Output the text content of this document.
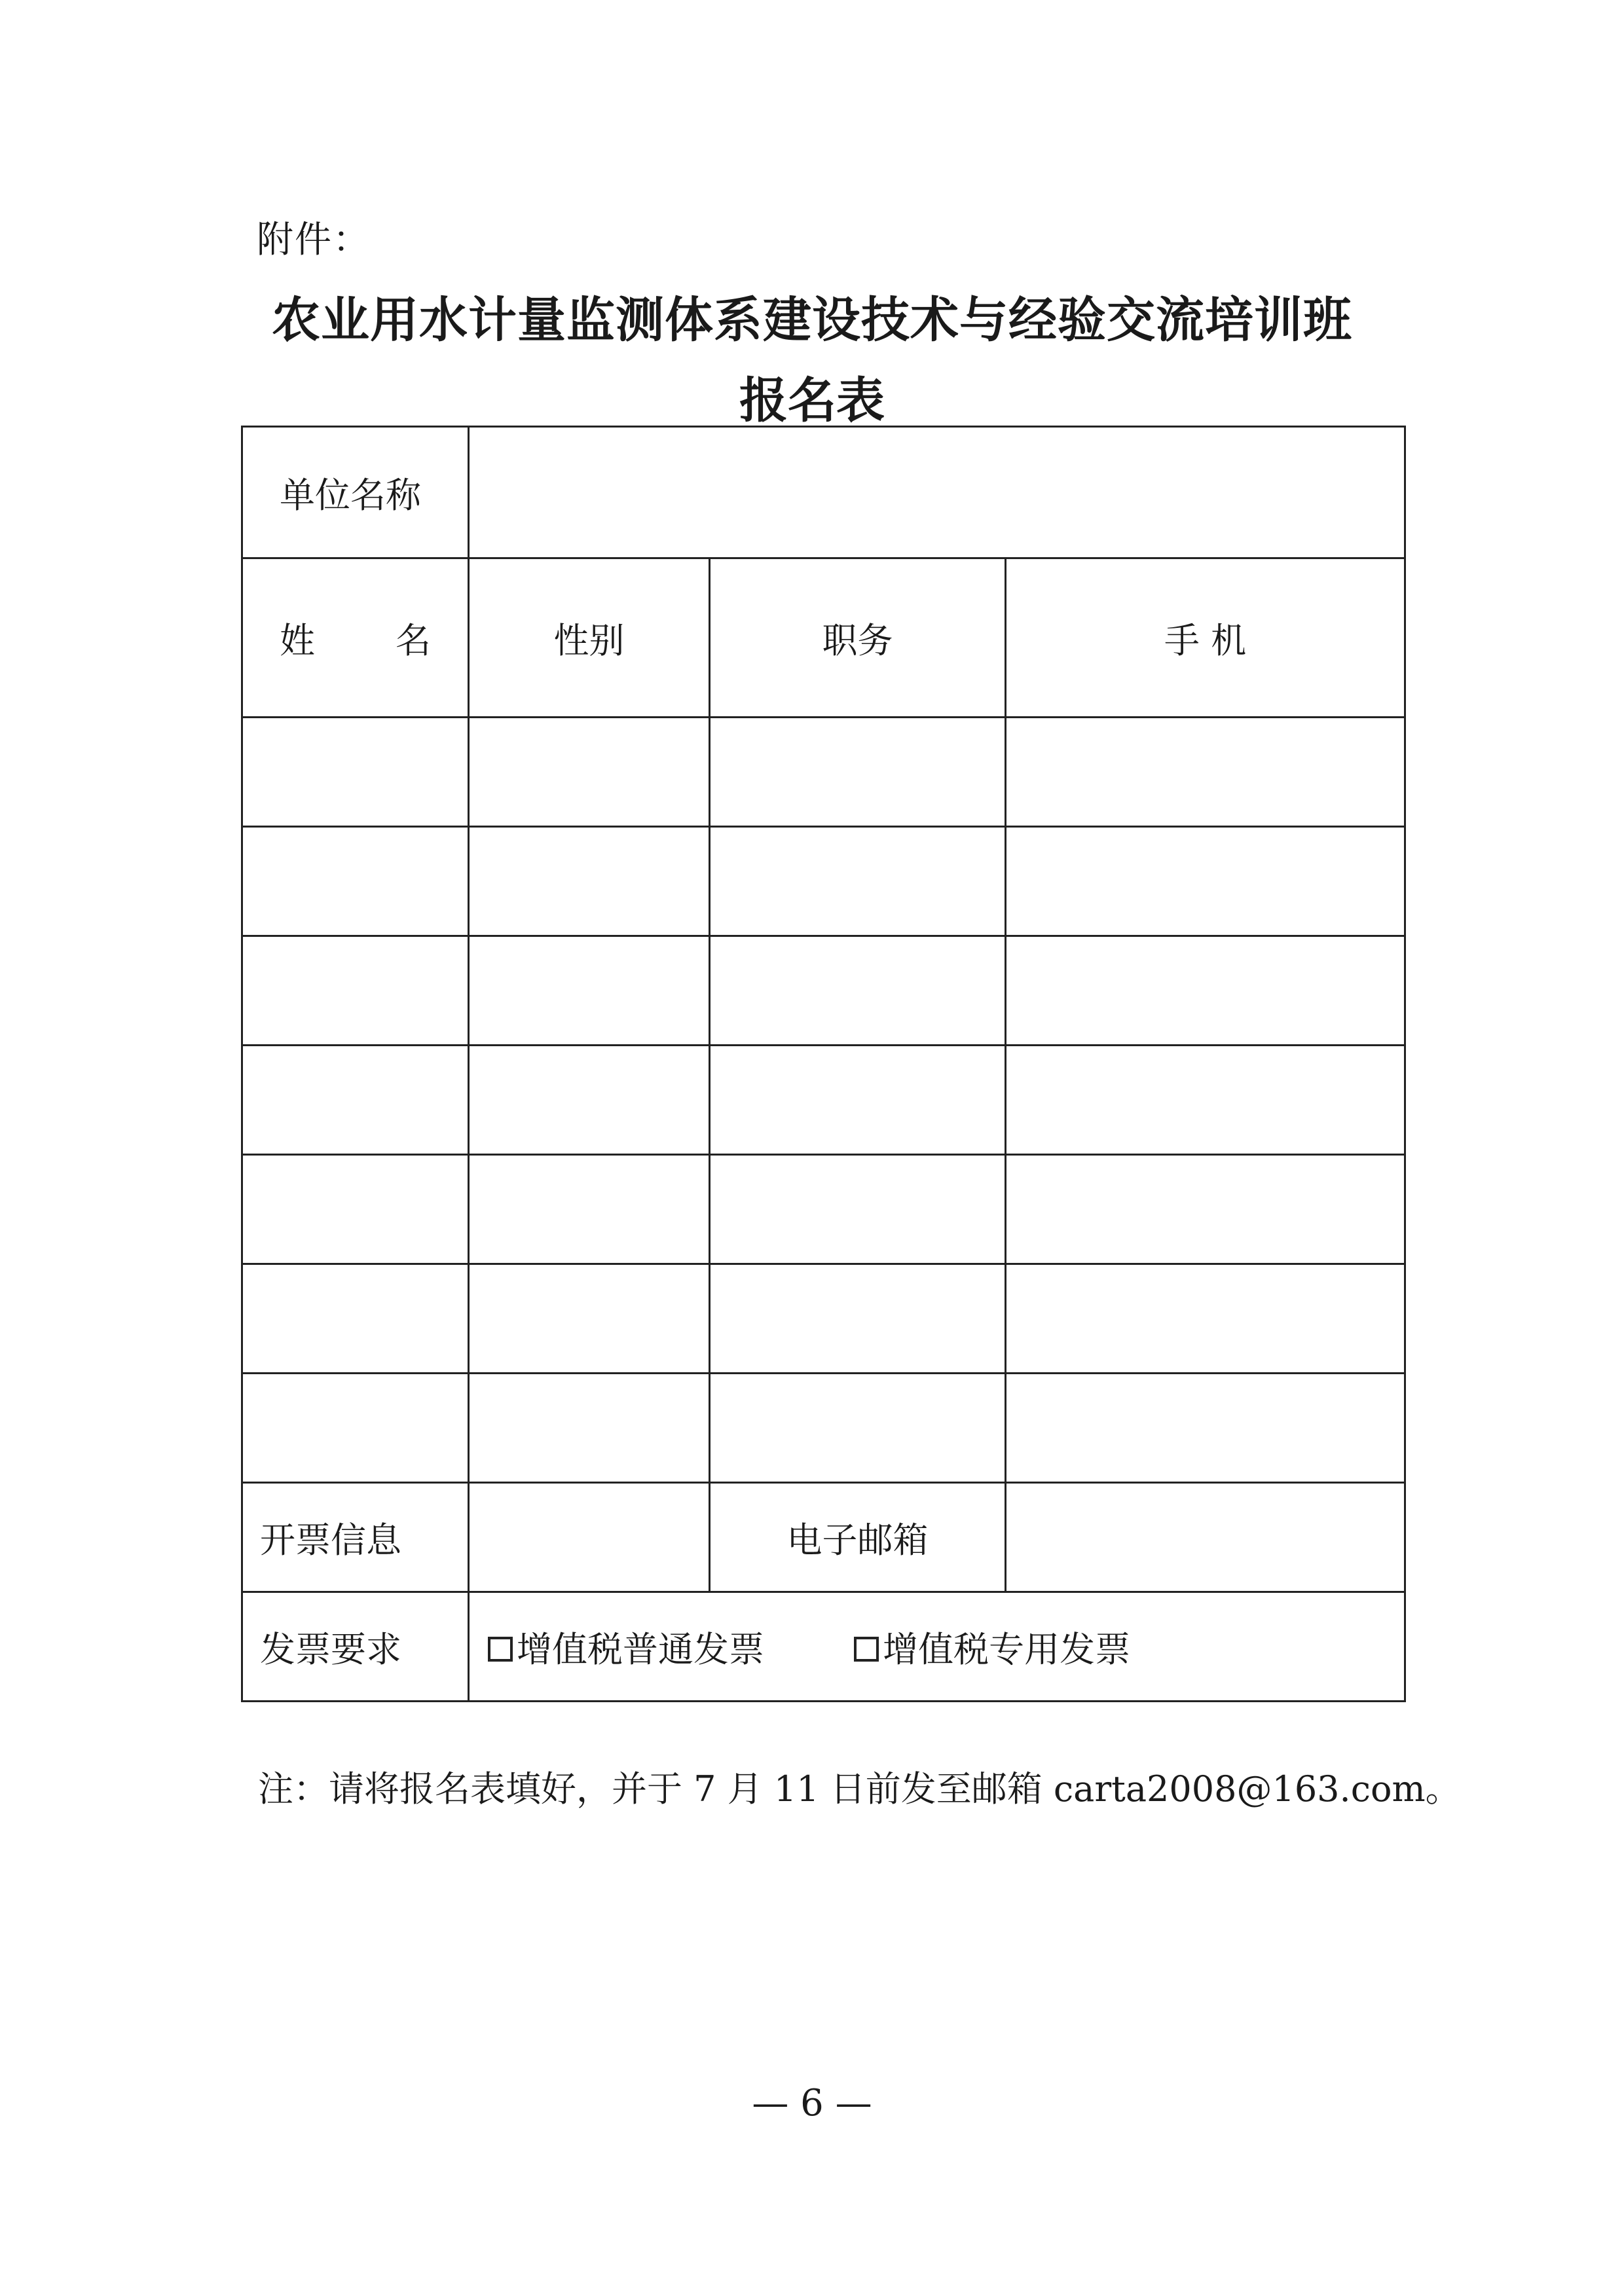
附件：
农业用水计量监测体系建设技术与经验交流培训班
报名表
单位名称			

姓 名	性别	职务	手 机

开票信息		电子邮箱	
发票要求	增值税普通发票 增值税专用发票		
注：请将报名表填好，并于 7 月 11 日前发至邮箱 carta2008@163.com。
— 6 —
